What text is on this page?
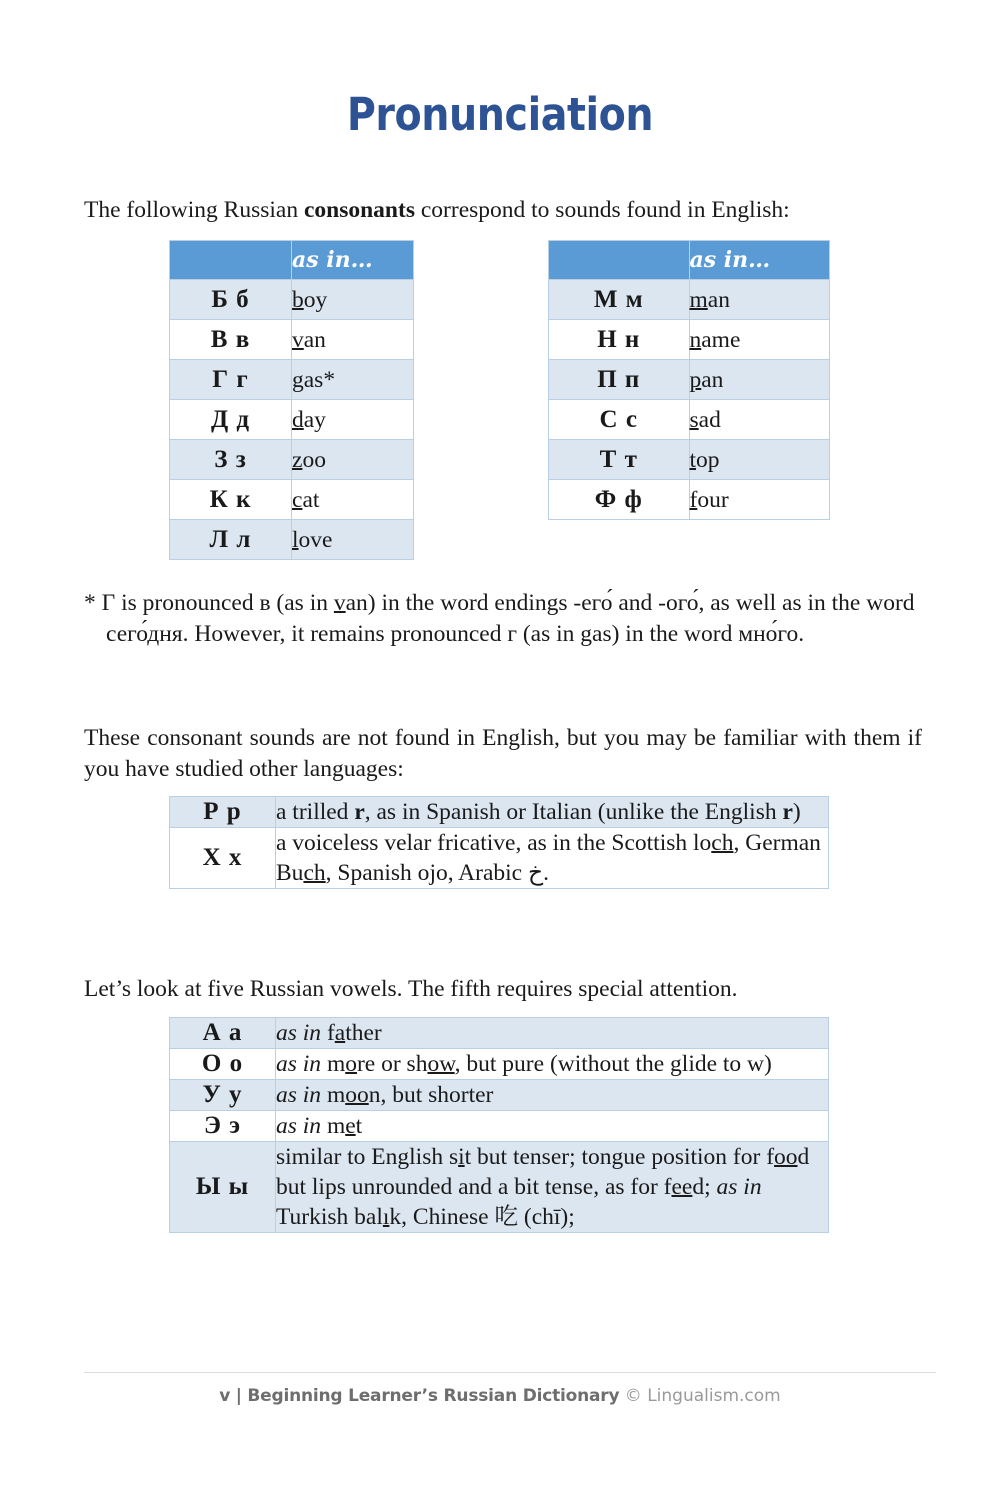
Pronunciation
The following Russian consonants correspond to sounds found in English:
	as in…
Б б	boy
В в	van
Г г	gas*
Д д	day
З з	zoo
К к	cat
Л л	love
	as in…
М м	man
Н н	name
П п	pan
С с	sad
Т т	top
Ф ф	four
* Г is pronounced в (as in van) in the word endings -его́ and -ого́, as well as in the word сего́дня. However, it remains pronounced г (as in gas) in the word мно́го.
These consonant sounds are not found in English, but you may be familiar with them if you have studied other languages:
Р р	a trilled r, as in Spanish or Italian (unlike the English r)
Х х	a voiceless velar fricative, as in the Scottish loch, German Buch, Spanish ojo, Arabic خ.
Let’s look at five Russian vowels. The fifth requires special attention.
А а	as in father
О о	as in more or show, but pure (without the glide to w)
У у	as in moon, but shorter
Э э	as in met
Ы ы	similar to English sit but tenser; tongue position for food but lips unrounded and a bit tense, as for feed; as in Turkish balık, Chinese 吃 (chī);
v | Beginning Learner’s Russian Dictionary © Lingualism.com
